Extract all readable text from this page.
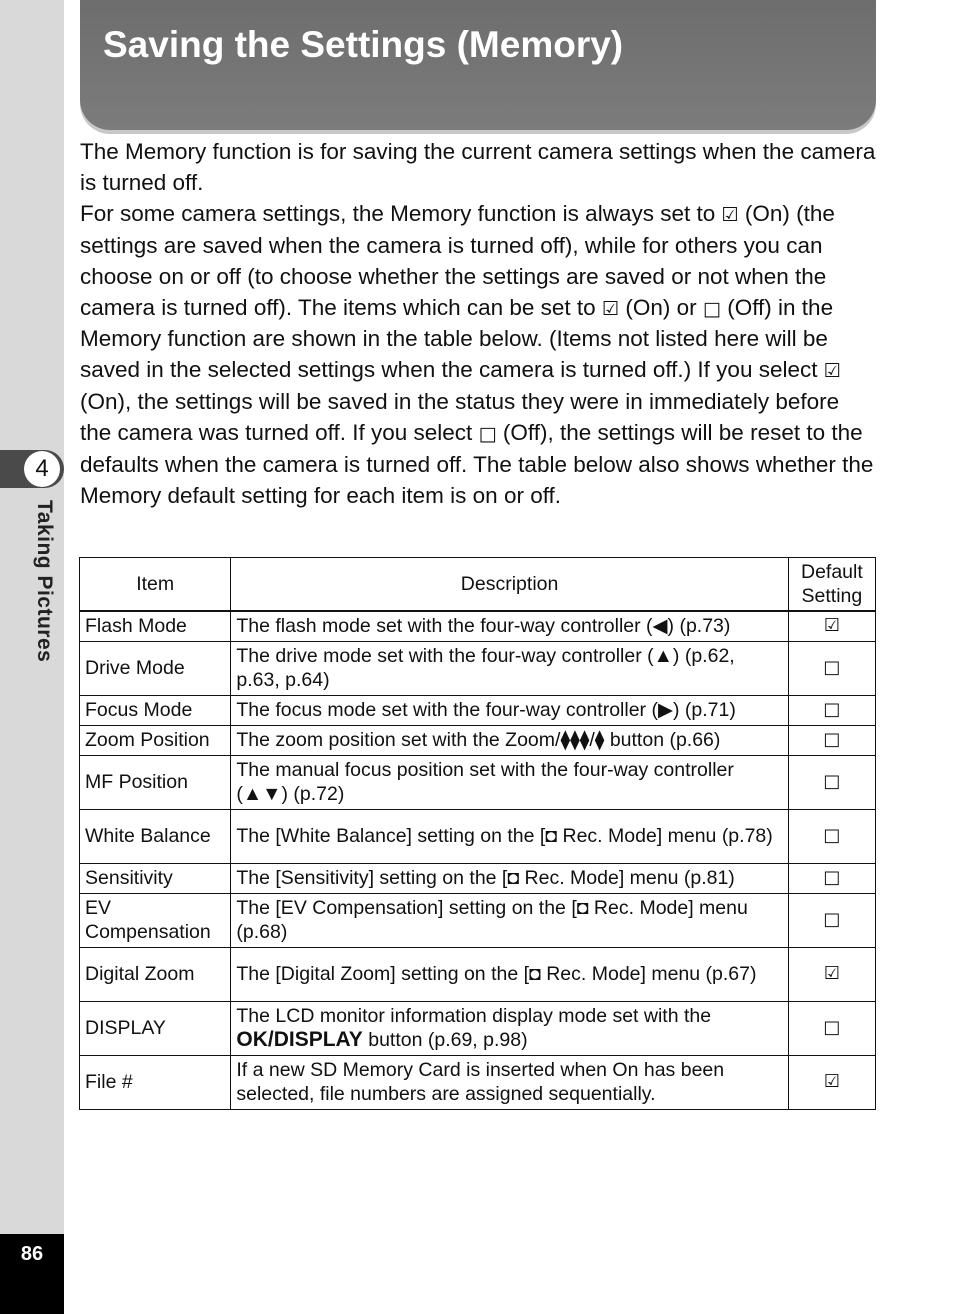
4
Taking Pictures
86
Saving the Settings (Memory)

The Memory function is for saving the current camera settings when the camera is turned off.

For some camera settings, the Memory function is always set to ☑ (On) (the settings are saved when the camera is turned off), while for others you can choose on or off (to choose whether the settings are saved or not when the camera is turned off). The items which can be set to ☑ (On) or □ (Off) in the Memory function are shown in the table below. (Items not listed here will be saved in the selected settings when the camera is turned off.) If you select ☑ (On), the settings will be saved in the status they were in immediately before the camera was turned off. If you select □ (Off), the settings will be reset to the defaults when the camera is turned off. The table below also shows whether the Memory default setting for each item is on or off.

Item	Description	Default
Setting
Flash Mode	The flash mode set with the four-way controller (◀) (p.73)	☑
Drive Mode	The drive mode set with the four-way controller (▲) (p.62, p.63, p.64)	□
Focus Mode	The focus mode set with the four-way controller (▶) (p.71)	□
Zoom Position	The zoom position set with the Zoom/⧫⧫⧫/⧫ button (p.66)	□
MF Position	The manual focus position set with the four-way controller (▲▼) (p.72)	□
White Balance	The [White Balance] setting on the [◘ Rec. Mode] menu (p.78)	□
Sensitivity	The [Sensitivity] setting on the [◘ Rec. Mode] menu (p.81)	□
EV Compensation	The [EV Compensation] setting on the [◘ Rec. Mode] menu (p.68)	□
Digital Zoom	The [Digital Zoom] setting on the [◘ Rec. Mode] menu (p.67)	☑
DISPLAY	The LCD monitor information display mode set with the OK/DISPLAY button (p.69, p.98)	□
File #	If a new SD Memory Card is inserted when On has been selected, file numbers are assigned sequentially.	☑
